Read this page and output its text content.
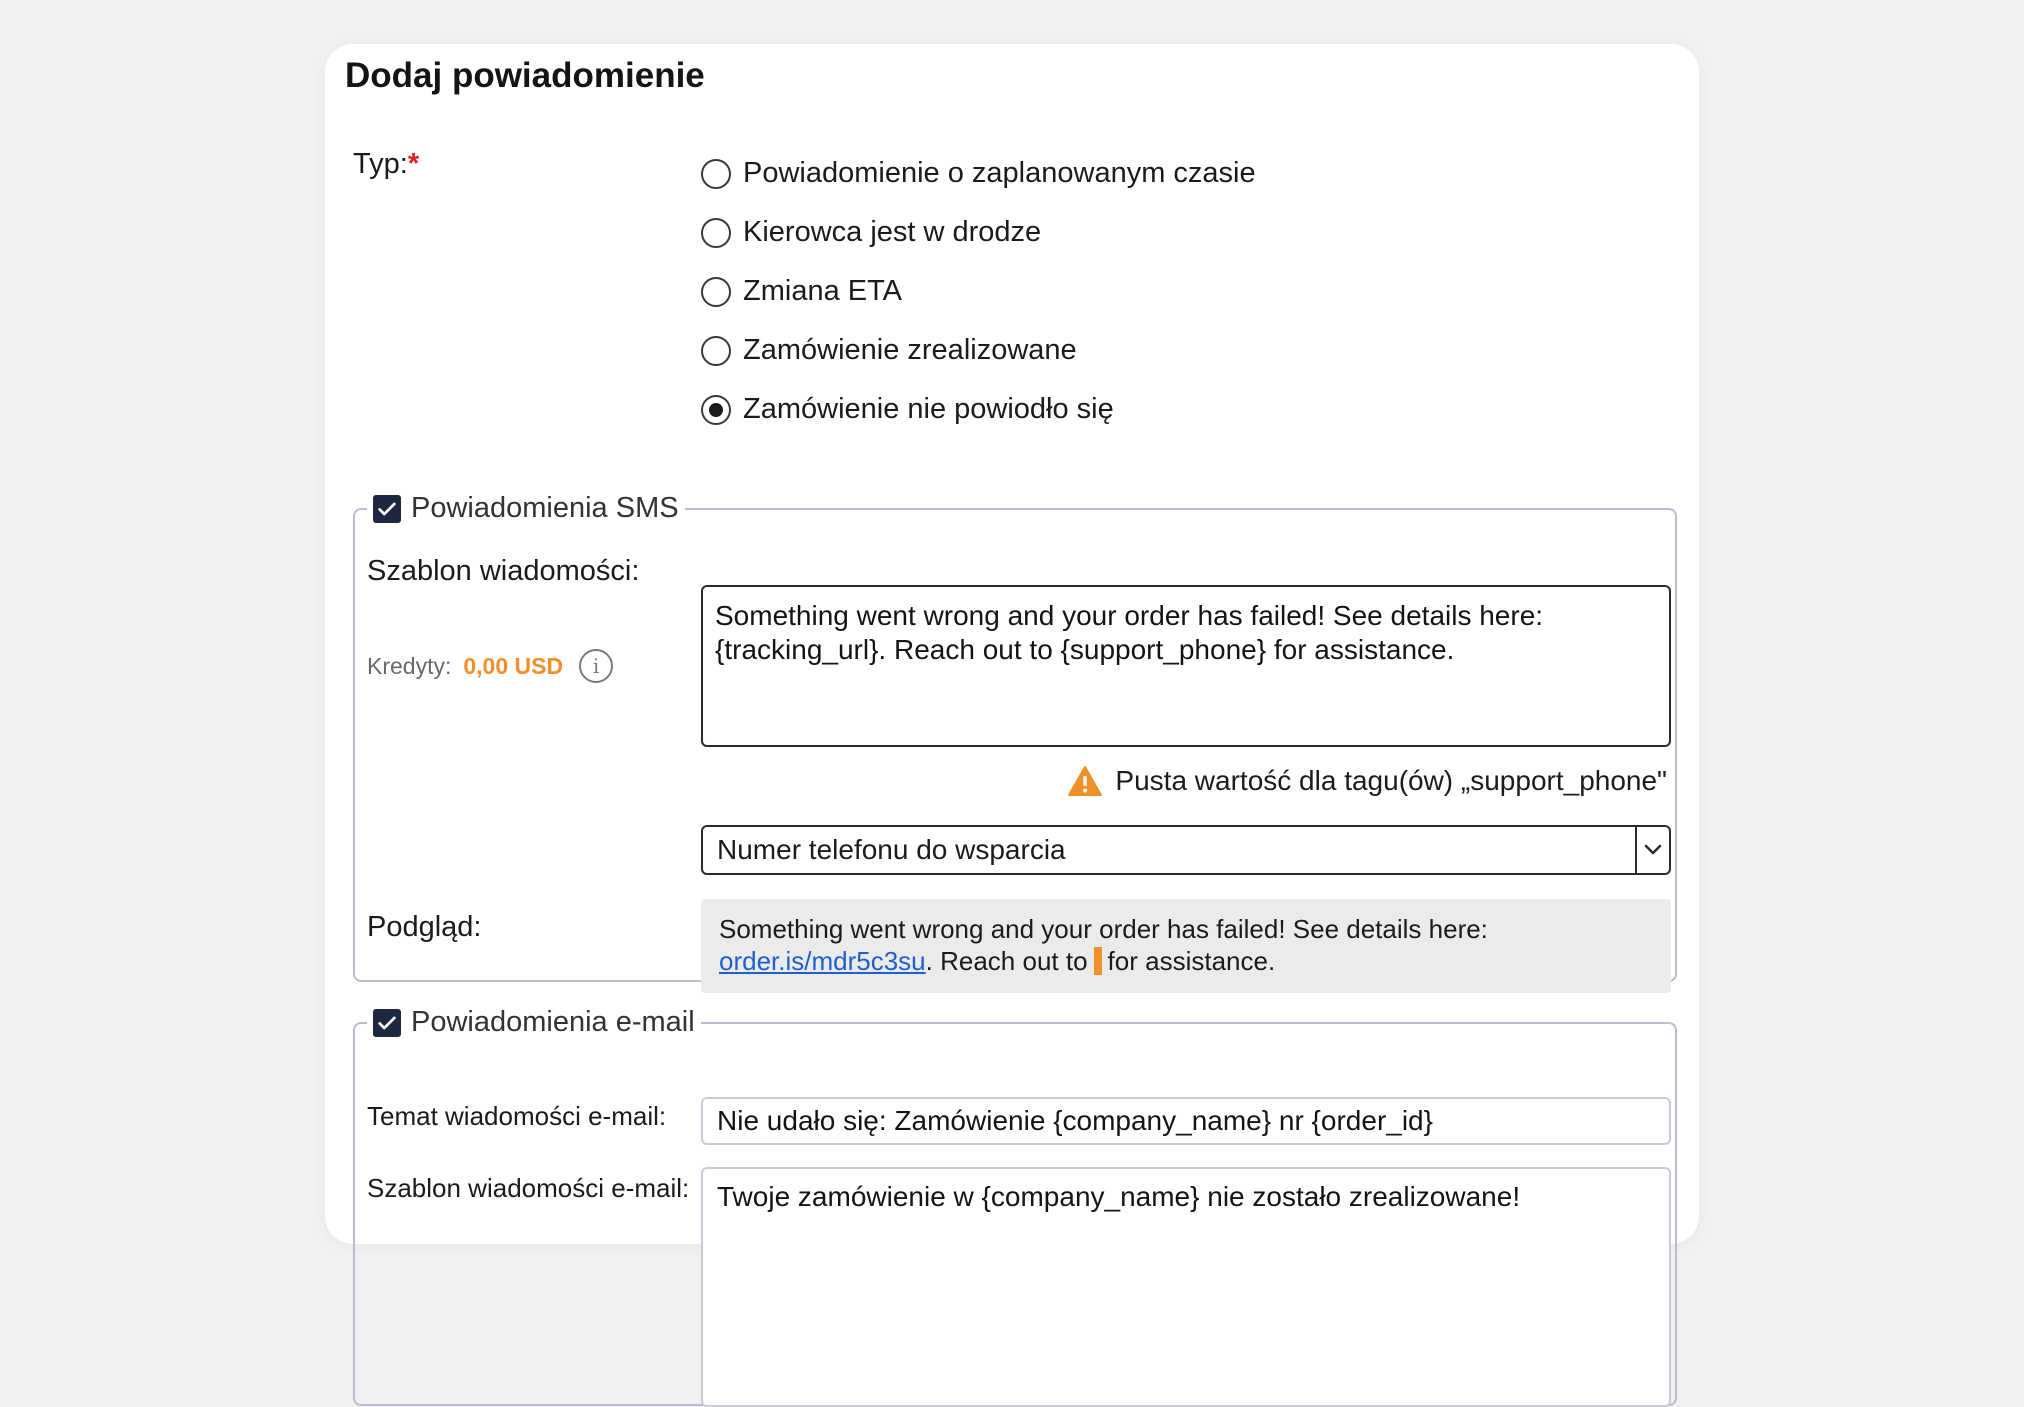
Dodaj powiadomienie
Typ:*	Powiadomienie o zaplanowanym czasie
Kierowca jest w drodze
Zmiana ETA
Zamówienie zrealizowane
Zamówienie nie powiodło się
Powiadomienia SMS
Szablon wiadomości:
Kredyty: 0,00 USD	i
Something went wrong and your order has failed! See details here: {tracking_url}. Reach out to {support_phone} for assistance.
Pusta wartość dla tagu(ów) „support_phone"
Numer telefonu do wsparcia
Podgląd:	Something went wrong and your order has failed! See details here:
order.is/mdr5c3su. Reach out to for assistance.
Powiadomienia e-mail
Temat wiadomości e-mail:	Nie udało się: Zamówienie {company_name} nr {order_id}
Szablon wiadomości e-mail: Twoje zamówienie w {company_name} nie zostało zrealizowane!
